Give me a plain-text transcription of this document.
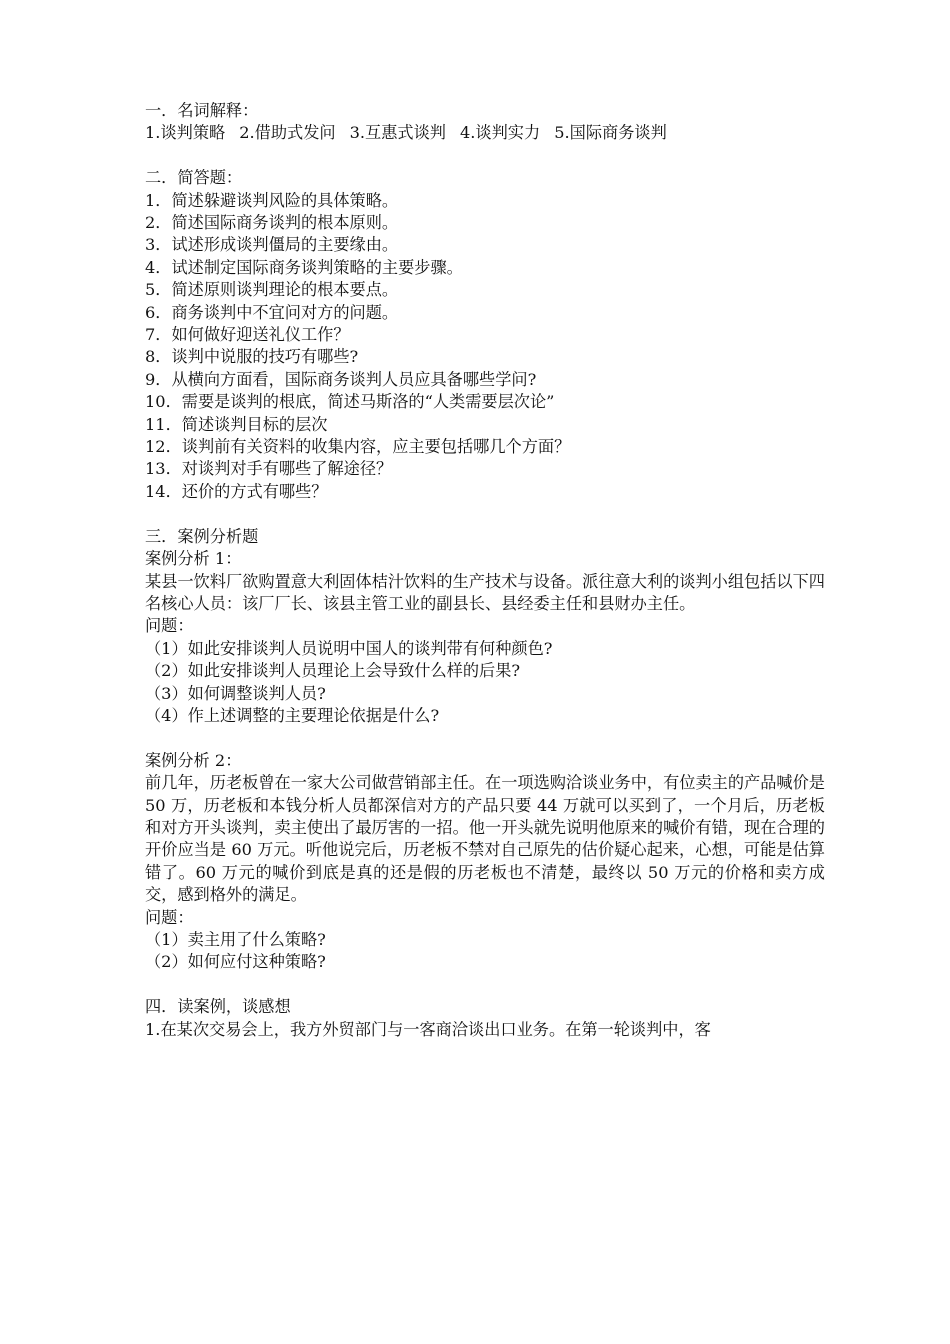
一．名词解释：

1.谈判策略 2.借助式发问 3.互惠式谈判 4.谈判实力 5.国际商务谈判

二．简答题：

1．简述躲避谈判风险的具体策略。

2．简述国际商务谈判的根本原则。

3．试述形成谈判僵局的主要缘由。

4．试述制定国际商务谈判策略的主要步骤。

5．简述原则谈判理论的根本要点。

6．商务谈判中不宜问对方的问题。

7．如何做好迎送礼仪工作？

8．谈判中说服的技巧有哪些?

9．从横向方面看，国际商务谈判人员应具备哪些学问?

10．需要是谈判的根底，简述马斯洛的“人类需要层次论”

11．简述谈判目标的层次

12．谈判前有关资料的收集内容，应主要包括哪几个方面？

13．对谈判对手有哪些了解途径？

14．还价的方式有哪些？

三．案例分析题

案例分析 1：

某县一饮料厂欲购置意大利固体桔汁饮料的生产技术与设备。派往意大利的谈判小组包括以下四名核心人员：该厂厂长、该县主管工业的副县长、县经委主任和县财办主任。

问题：

（1）如此安排谈判人员说明中国人的谈判带有何种颜色?

（2）如此安排谈判人员理论上会导致什么样的后果?

（3）如何调整谈判人员?

（4）作上述调整的主要理论依据是什么?

案例分析 2：

前几年，历老板曾在一家大公司做营销部主任。在一项选购洽谈业务中，有位卖主的产品喊价是 50 万，历老板和本钱分析人员都深信对方的产品只要 44 万就可以买到了，一个月后，历老板和对方开头谈判，卖主使出了最厉害的一招。他一开头就先说明他原来的喊价有错，现在合理的开价应当是 60 万元。听他说完后，历老板不禁对自己原先的估价疑心起来，心想，可能是估算错了。60 万元的喊价到底是真的还是假的历老板也不清楚，最终以 50 万元的价格和卖方成交，感到格外的满足。

问题：

（1）卖主用了什么策略?

（2）如何应付这种策略?

四．读案例，谈感想

1.在某次交易会上，我方外贸部门与一客商洽谈出口业务。在第一轮谈判中，客
